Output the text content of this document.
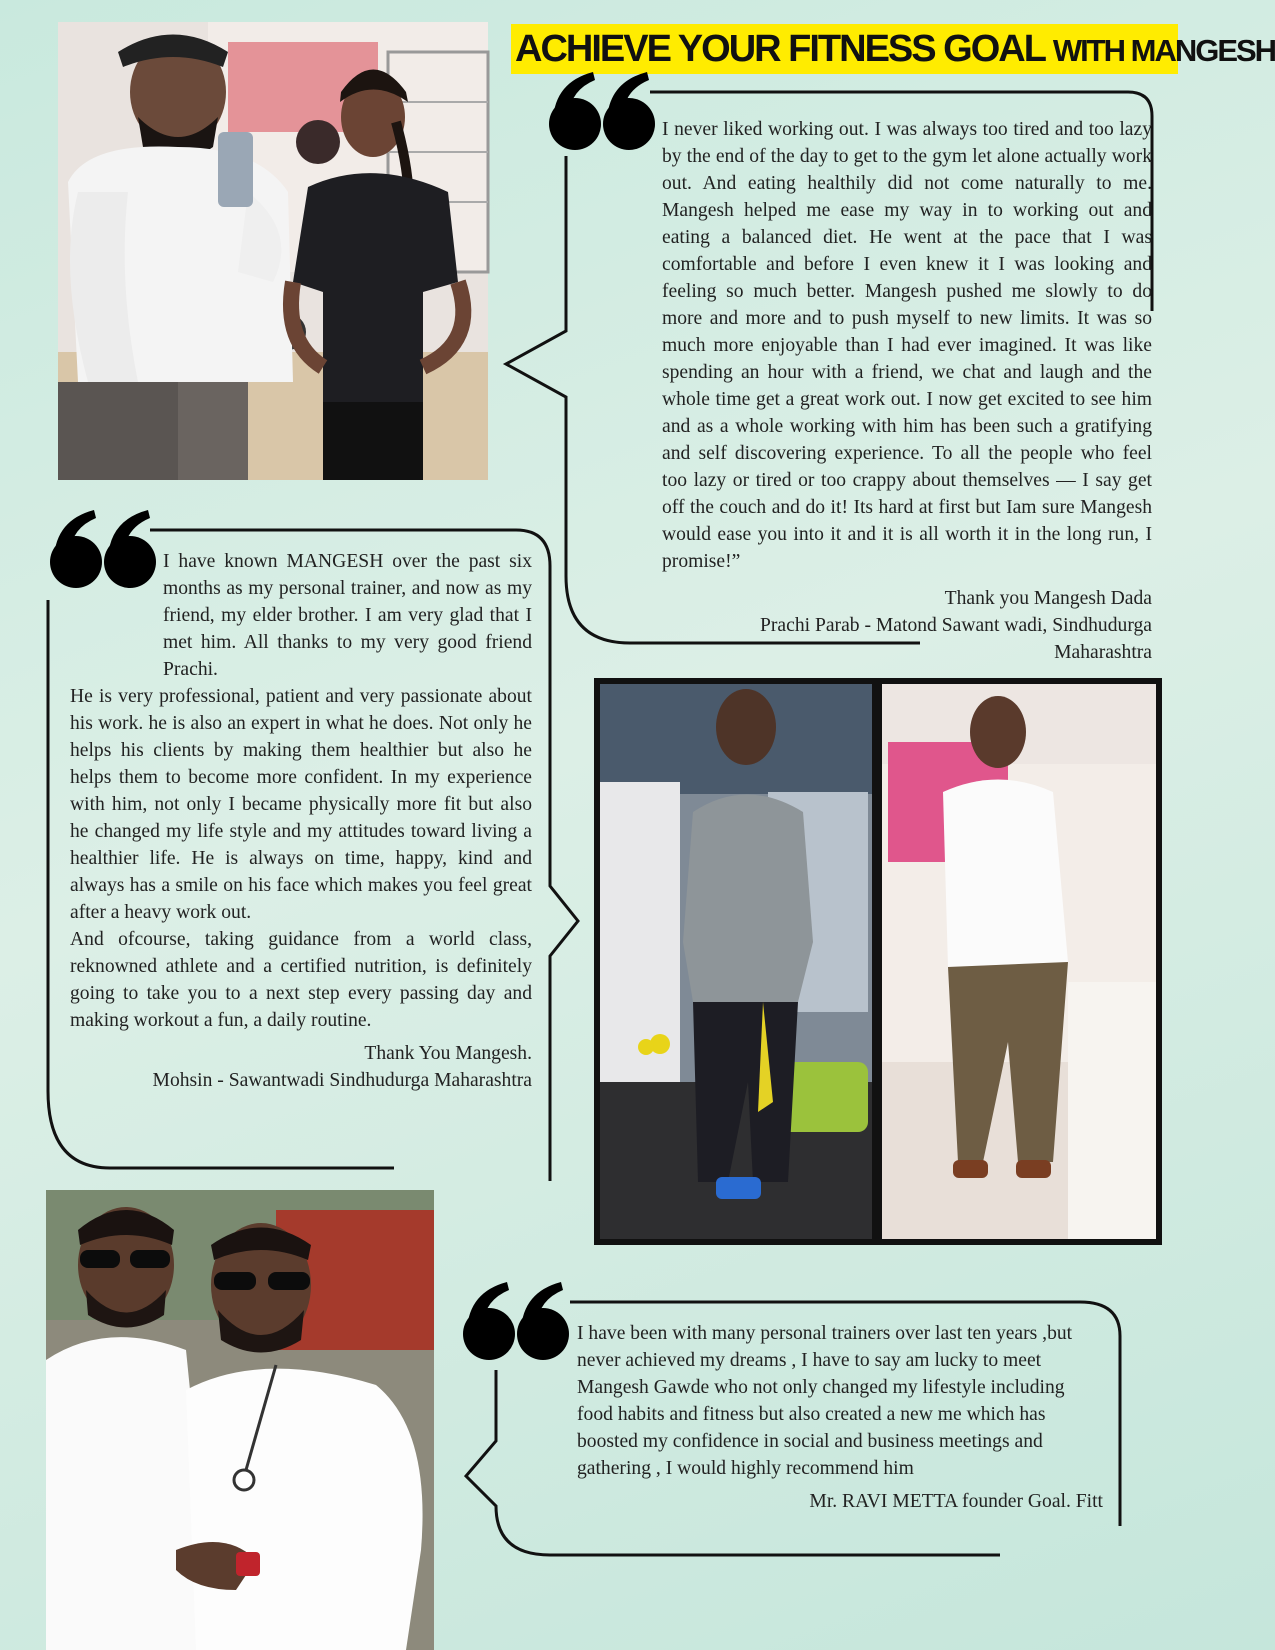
ACHIEVE YOUR FITNESS GOAL WITH MANGESH

I never liked working out. I was always too tired and too lazy by the end of the day to get to the gym let alone actually work out. And eating healthily did not come naturally to me. Mangesh helped me ease my way in to working out and eating a balanced diet. He went at the pace that I was comfortable and before I even knew it I was looking and feeling so much better. Mangesh pushed me slowly to do more and more and to push myself to new limits. It was so much more enjoyable than I had ever imagined. It was like spending an hour with a friend, we chat and laugh and the whole time get a great work out. I now get excited to see him and as a whole working with him has been such a gratifying and self discovering experience. To all the people who feel too lazy or tired or too crappy about themselves — I say get off the couch and do it! Its hard at first but Iam sure Mangesh would ease you into it and it is all worth it in the long run, I promise!”

Thank you Mangesh Dada

Prachi Parab - Matond Sawant wadi, Sindhudurga

Maharashtra

I have known MANGESH over the past six months as my personal trainer, and now as my friend, my elder brother. I am very glad that I met him. All thanks to my very good friend Prachi.

He is very professional, patient and very passionate about his work. he is also an expert in what he does. Not only he helps his clients by making them healthier but also he helps them to become more confident. In my experience with him, not only I became physically more fit but also he changed my life style and my attitudes toward living a healthier life. He is always on time, happy, kind and always has a smile on his face which makes you feel great after a heavy work out.

And ofcourse, taking guidance from a world class, reknowned athlete and a certified nutrition, is definitely going to take you to a next step every passing day and making workout a fun, a daily routine.

Thank You Mangesh.

Mohsin - Sawantwadi Sindhudurga Maharashtra

I have been with many personal trainers over last ten years ,but never achieved my dreams , I have to say am lucky to meet Mangesh Gawde who not only changed my lifestyle including food habits and fitness but also created a new me which has boosted my confidence in social and business meetings and gathering , I would highly recommend him

Mr. RAVI METTA founder Goal. Fitt
